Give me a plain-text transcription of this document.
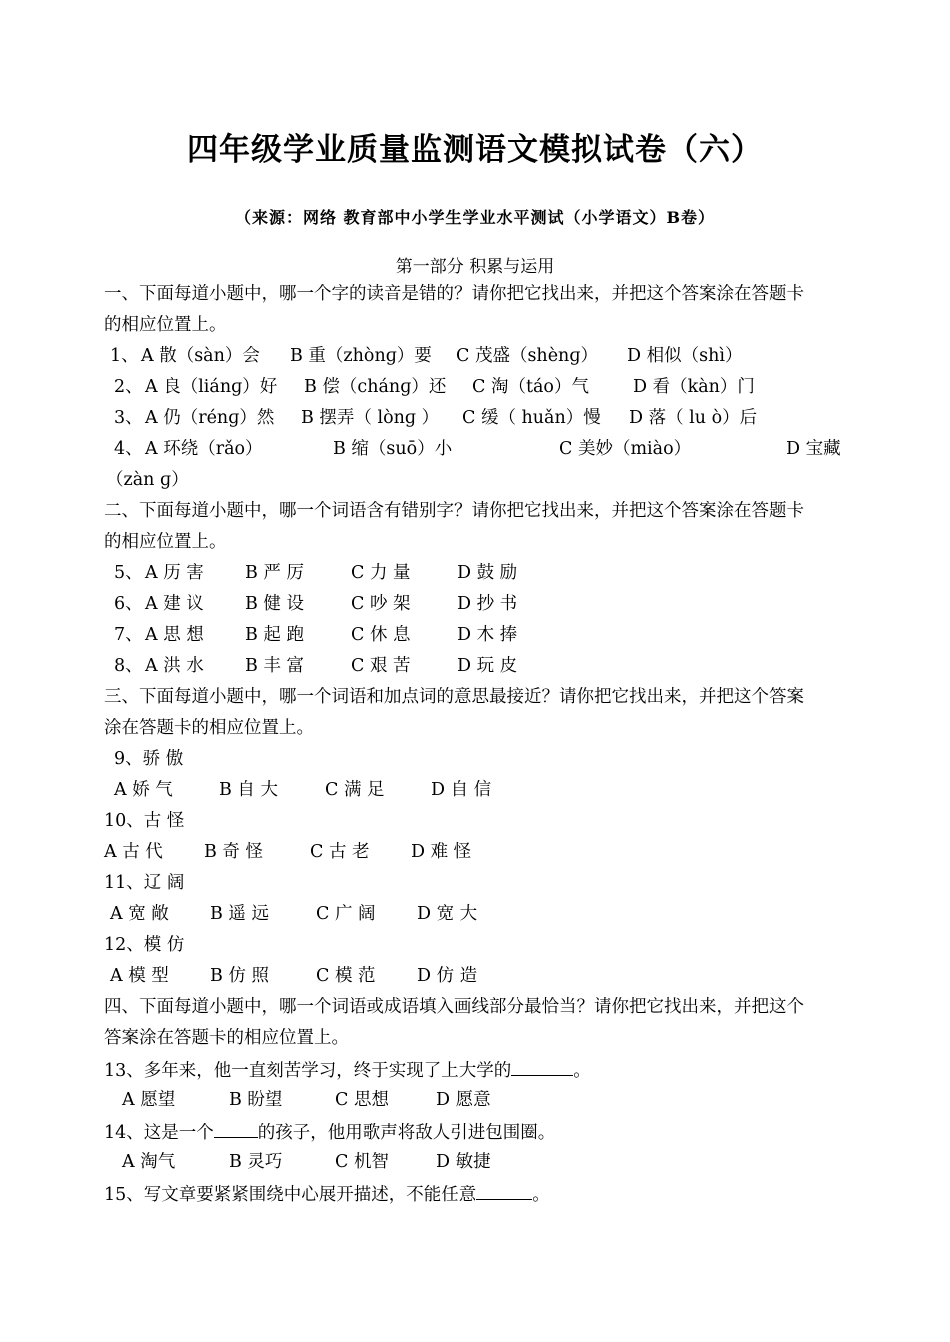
四年级学业质量监测语文模拟试卷（六）
（来源：网络 教育部中小学生学业水平测试（小学语文）B卷）
第一部分 积累与运用
一、下面每道小题中，哪一个字的读音是错的？请你把它找出来，并把这个答案涂在答题卡
的相应位置上。
1、 A 散（sàn）会 B 重（zhònɡ）要 C 茂盛（shènɡ） D 相似（shì）
2、 A 良（liánɡ）好 B 偿（chánɡ）还 C 淘（táo）气	D 看（kàn）门
3、 A 仍（rénɡ）然 B 摆弄（ lònɡ ） C 缓（ huǎn）慢 D 落（ lu ò）后
4、 A 环绕（rǎo）	B 缩（suō）小	C 美妙（miào）	D 宝藏
（zàn ɡ）
二、下面每道小题中，哪一个词语含有错别字？请你把它找出来，并把这个答案涂在答题卡
的相应位置上。
5、 A 历 害 B 严 厉	C 力 量	D 鼓 励
6、 A 建 议 B 健 设	C 吵 架	D 抄 书
7、 A 思 想 B 起 跑	C 休 息	D 木 捧
8、 A 洪 水 B 丰 富	C 艰 苦	D 玩 皮
三、下面每道小题中，哪一个词语和加点词的意思最接近？请你把它找出来，并把这个答案
涂在答题卡的相应位置上。
9、骄 傲
A 娇 气	B 自 大	C 满 足	D 自 信
10、古 怪
A 古 代 B 奇 怪	C 古 老 D 难 怪
11、辽 阔
A 宽 敞 B 遥 远	C 广 阔 D 宽 大
12、模 仿
A 模 型 B 仿 照	C 模 范 D 仿 造
四、下面每道小题中，哪一个词语或成语填入画线部分最恰当？请你把它找出来，并把这个
答案涂在答题卡的相应位置上。
13、多年来，他一直刻苦学习，终于实现了上大学的	。
A 愿望	B 盼望	C 思想	D 愿意
14、这是一个	的孩子，他用歌声将敌人引进包围圈。
A 淘气	B 灵巧	C 机智	D 敏捷
15、写文章要紧紧围绕中心展开描述，不能任意	。
